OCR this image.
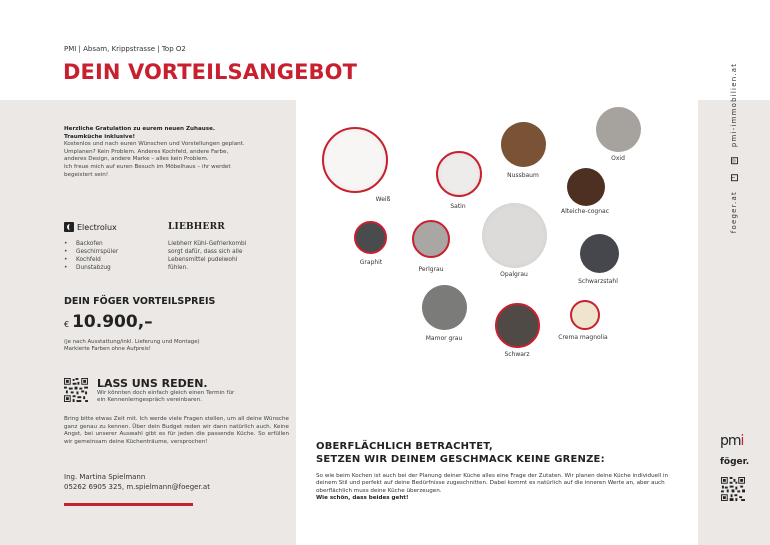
PMI | Absam, Krippstrasse | Top O2
DEIN VORTEILSANGEBOT
Herzliche Gratulation zu eurem neuen Zuhause.
Traumküche inklusive!
Kostenlos und nach euren Wünschen und Vorstellungen geplant.
Umplanen? Kein Problem. Anderes Kochfeld, andere Farbe,
anderes Design, andere Marke – alles kein Problem.
Ich freue mich auf euren Besuch im Möbelhaus – ihr werdet
begeistert sein!
Electrolux	LIEBHERR
• Backofen
• Geschirrspüler
• Kochfeld
• Dunstabzug
Liebherr Kühl-Gefrierkombi
sorgt dafür, dass sich alle
Lebensmittel pudelwohl
fühlen.
DEIN FÖGER VORTEILSPREIS
€ 10.900,–
(je nach Ausstattung/inkl. Lieferung und Montage)
Markierte Farben ohne Aufpreis!
LASS UNS REDEN.
Wir könnten doch einfach gleich einen Termin für
ein Kennenlerngespräch vereinbaren.
Bring bitte etwas Zeit mit. Ich werde viele Fragen stellen, um all deine Wünsche ganz genau zu kennen. Über dein Budget reden wir dann natürlich auch. Keine Angst, bei unserer Auswahl gibt es für jeden die passende Küche. So erfüllen wir gemeinsam deine Küchenträume, versprochen!
Ing. Martina Spielmann
05262 6905 325, m.spielmann@foeger.at
Weiß
Satin
Nussbaum
Oxid
Alteiche-cognac
Graphit
Perlgrau
Opalgrau
Schwarzstahl
Mamor grau
Schwarz
Crema magnolia
OBERFLÄCHLICH BETRACHTET,
SETZEN WIR DEINEM GESCHMACK KEINE GRENZE:
So wie beim Kochen ist auch bei der Planung deiner Küche alles eine Frage der Zutaten. Wir planen deine Küche individuell in deinem Stil und perfekt auf deine Bedürfnisse zugeschnitten. Dabei kommt es natürlich auf die inneren Werte an, aber auch oberflächlich muss deine Küche überzeugen.
Wie schön, dass beides geht!
foeger.at
f
◎
pmi-immobilien.at
pmi
föger.
